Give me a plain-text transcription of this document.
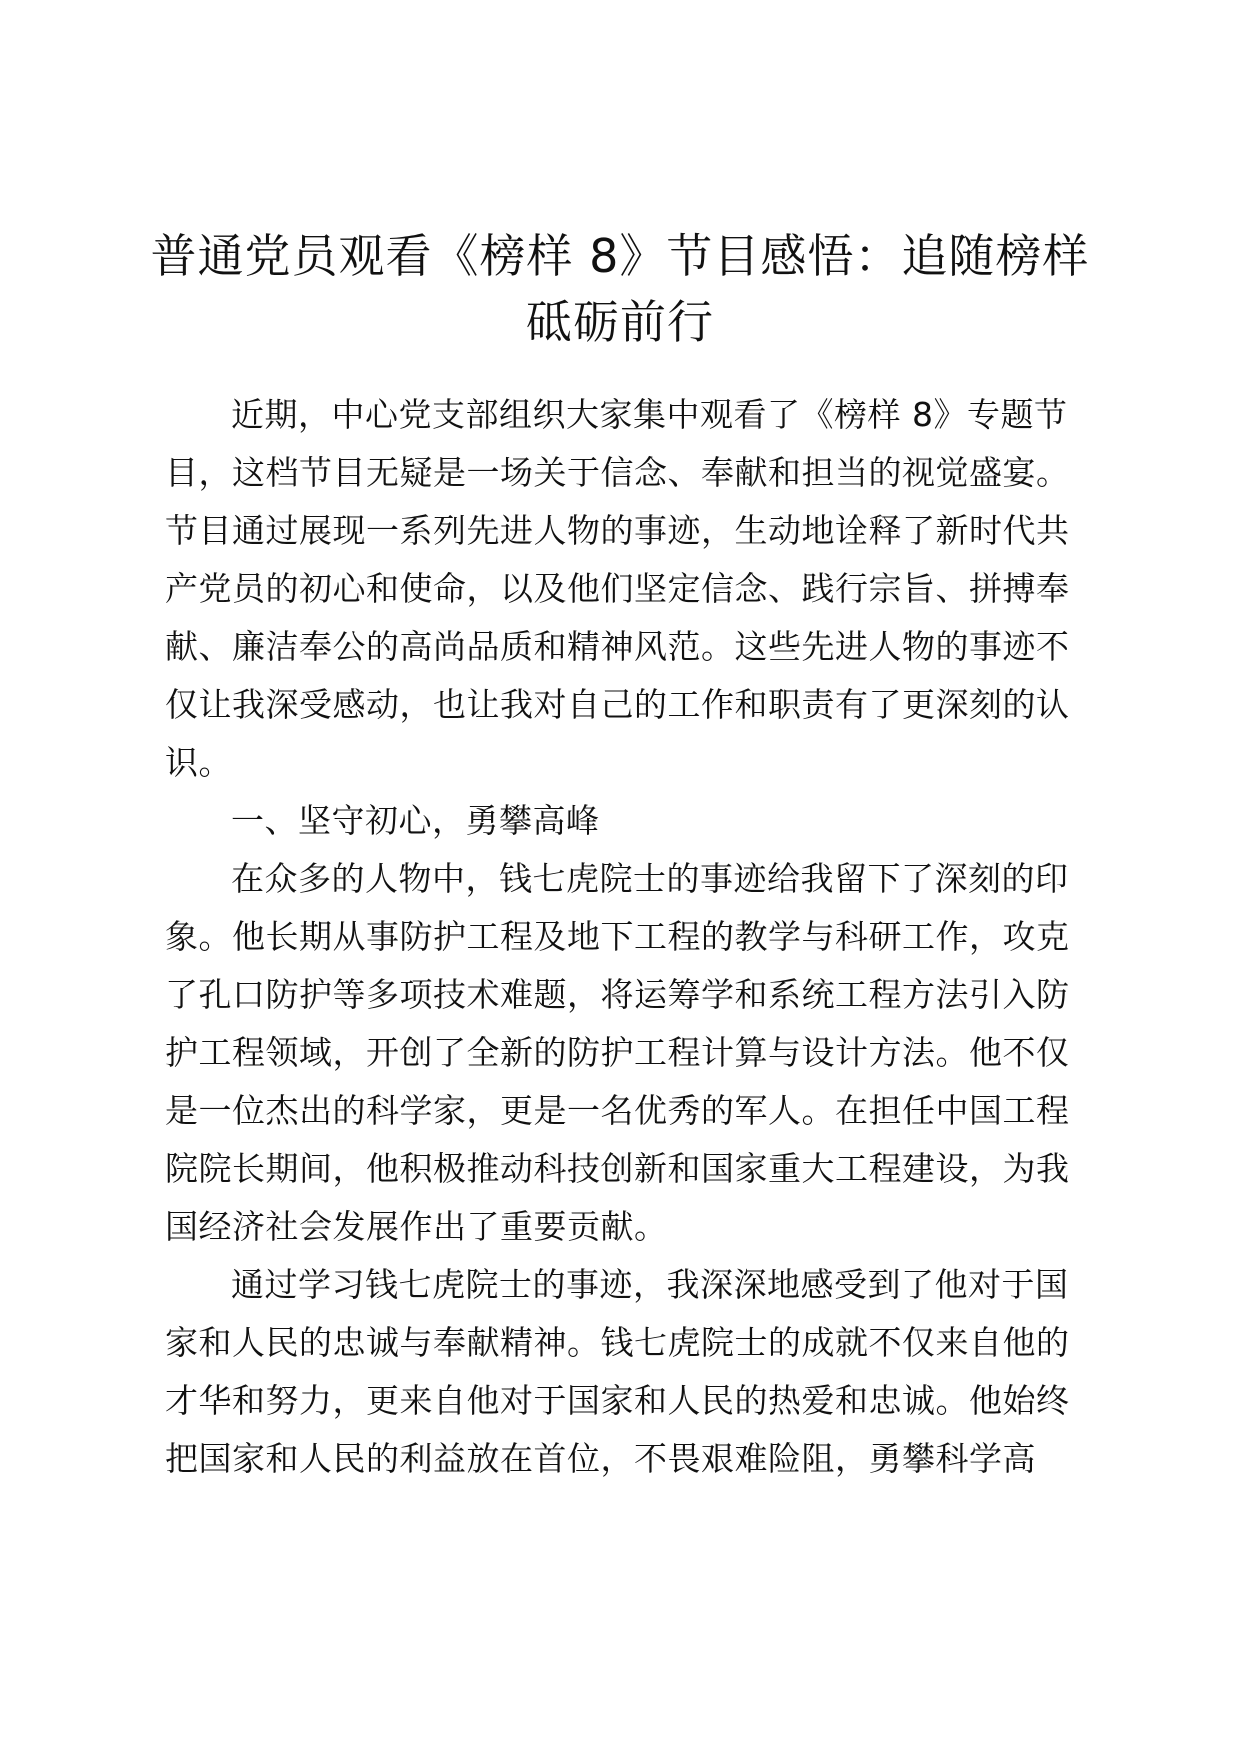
普通党员观看《榜样 8》节目感悟：追随榜样
砥砺前行
近期，中心党支部组织大家集中观看了《榜样 8》专题节
目，这档节目无疑是一场关于信念、奉献和担当的视觉盛宴。
节目通过展现一系列先进人物的事迹，生动地诠释了新时代共
产党员的初心和使命，以及他们坚定信念、践行宗旨、拼搏奉
献、廉洁奉公的高尚品质和精神风范。这些先进人物的事迹不
仅让我深受感动，也让我对自己的工作和职责有了更深刻的认
识。
一、坚守初心，勇攀高峰
在众多的人物中，钱七虎院士的事迹给我留下了深刻的印
象。他长期从事防护工程及地下工程的教学与科研工作，攻克
了孔口防护等多项技术难题，将运筹学和系统工程方法引入防
护工程领域，开创了全新的防护工程计算与设计方法。他不仅
是一位杰出的科学家，更是一名优秀的军人。在担任中国工程
院院长期间，他积极推动科技创新和国家重大工程建设，为我
国经济社会发展作出了重要贡献。
通过学习钱七虎院士的事迹，我深深地感受到了他对于国
家和人民的忠诚与奉献精神。钱七虎院士的成就不仅来自他的
才华和努力，更来自他对于国家和人民的热爱和忠诚。他始终
把国家和人民的利益放在首位，不畏艰难险阻，勇攀科学高
